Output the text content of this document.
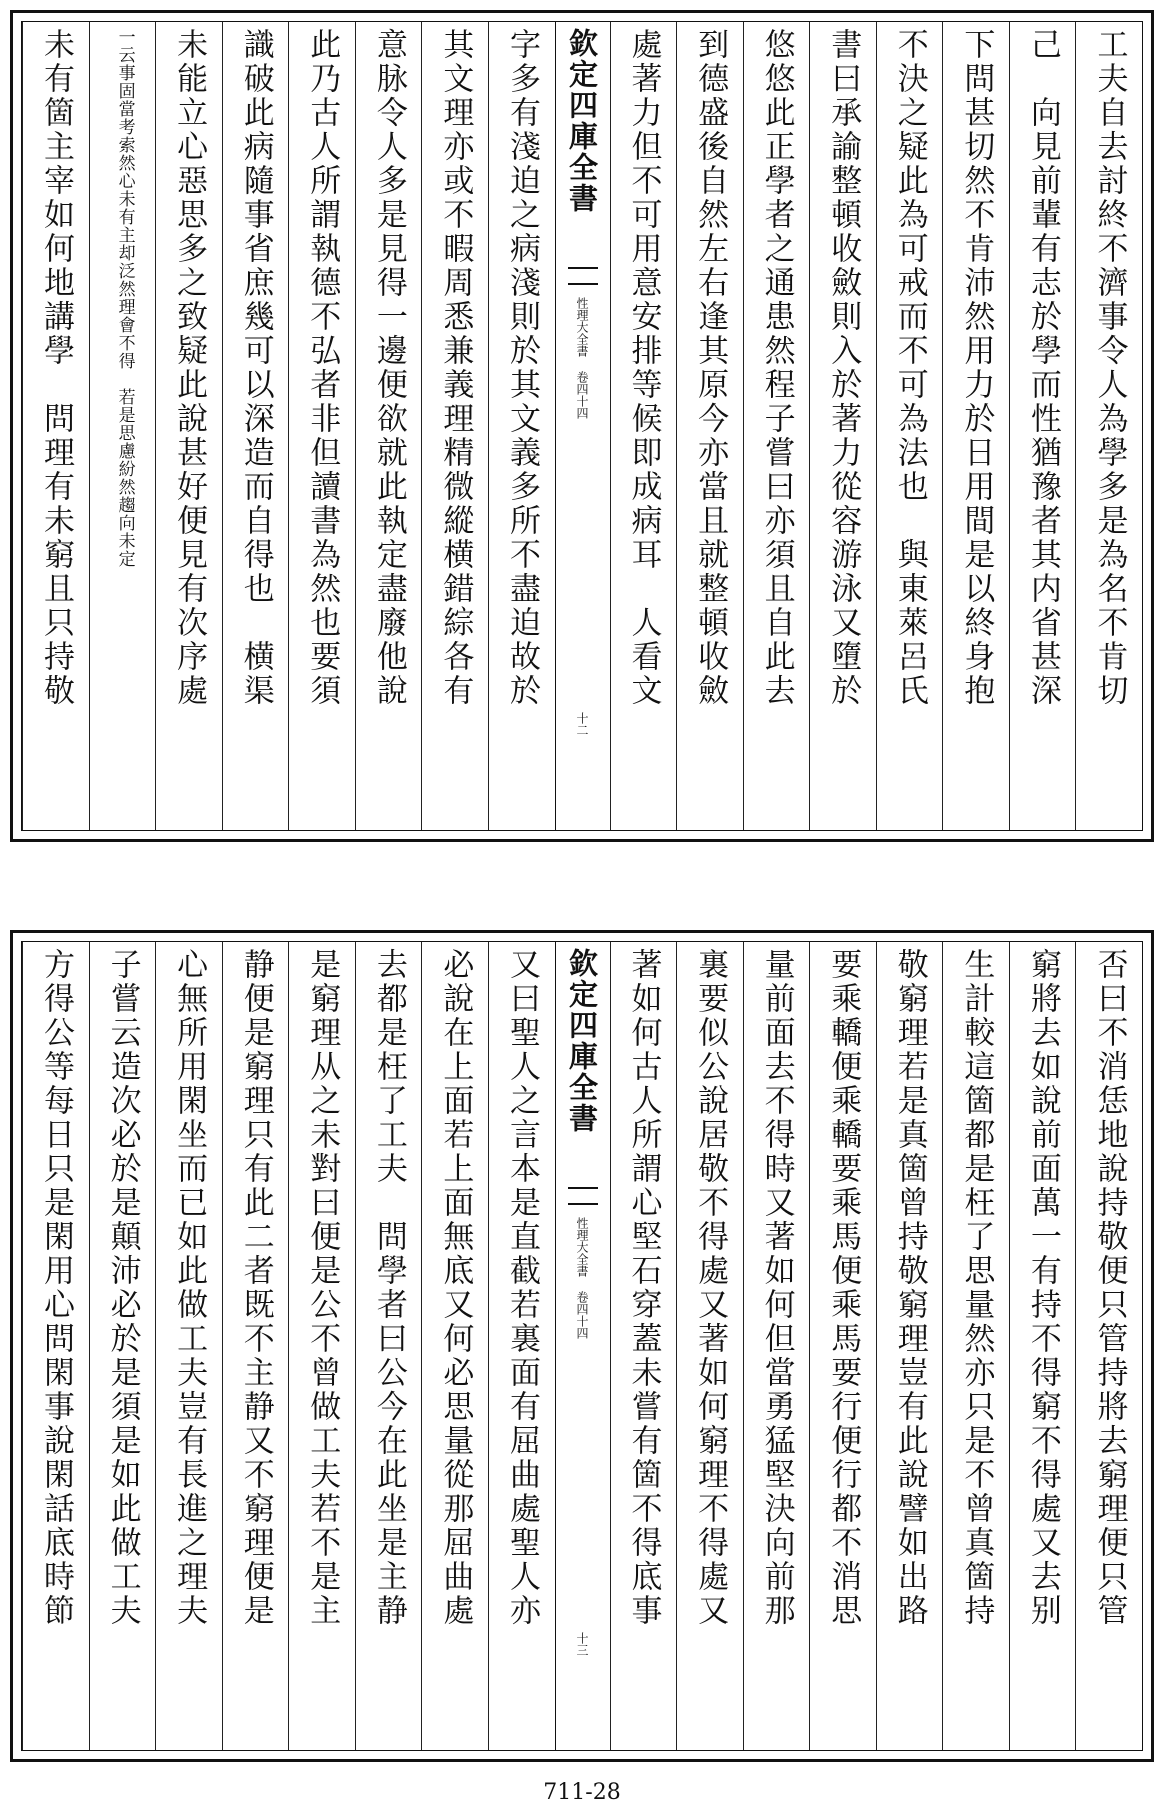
工夫自去討終不濟事令人為學多是為名不肯切
己　向見前輩有志於學而性猶豫者其内省甚深
下問甚切然不肯沛然用力於日用間是以終身抱
不決之疑此為可戒而不可為法也　與東萊呂氏
書曰承諭整頓收斂則入於著力從容游泳又墮於
悠悠此正學者之通患然程子嘗曰亦須且自此去
到德盛後自然左右逢其原今亦當且就整頓收斂
處著力但不可用意安排等候即成病耳　人看文
欽定四庫全書
性理大全書 卷四十四
十二
字多有淺迫之病淺則於其文義多所不盡迫故於
其文理亦或不暇周悉兼義理精微縱横錯綜各有
意脉令人多是見得一邊便欲就此執定盡廢他說
此乃古人所謂執德不弘者非但讀書為然也要須
識破此病隨事省庶幾可以深造而自得也　横渠
未能立心惡思多之致疑此說甚好便見有次序處
一云事固當考索然心未有主却泛然理會不得　若是思慮紛然趨向未定
未有箇主宰如何地講學　問理有未窮且只持敬
否曰不消恁地說持敬便只管持將去窮理便只管
窮將去如說前面萬一有持不得窮不得處又去别
生計較這箇都是枉了思量然亦只是不曾真箇持
敬窮理若是真箇曾持敬窮理豈有此說譬如出路
要乘轎便乘轎要乘馬便乘馬要行便行都不消思
量前面去不得時又著如何但當勇猛堅決向前那
裏要似公說居敬不得處又著如何窮理不得處又
著如何古人所謂心堅石穿蓋未嘗有箇不得底事
欽定四庫全書
性理大全書 卷四十四
十三
又曰聖人之言本是直截若裏面有屈曲處聖人亦
必說在上面若上面無底又何必思量從那屈曲處
去都是枉了工夫　問學者曰公今在此坐是主静
是窮理从之未對曰便是公不曾做工夫若不是主
静便是窮理只有此二者既不主静又不窮理便是
心無所用閑坐而已如此做工夫豈有長進之理夫
子嘗云造次必於是顛沛必於是須是如此做工夫
方得公等每日只是閑用心問閑事說閑話底時節
711-28
